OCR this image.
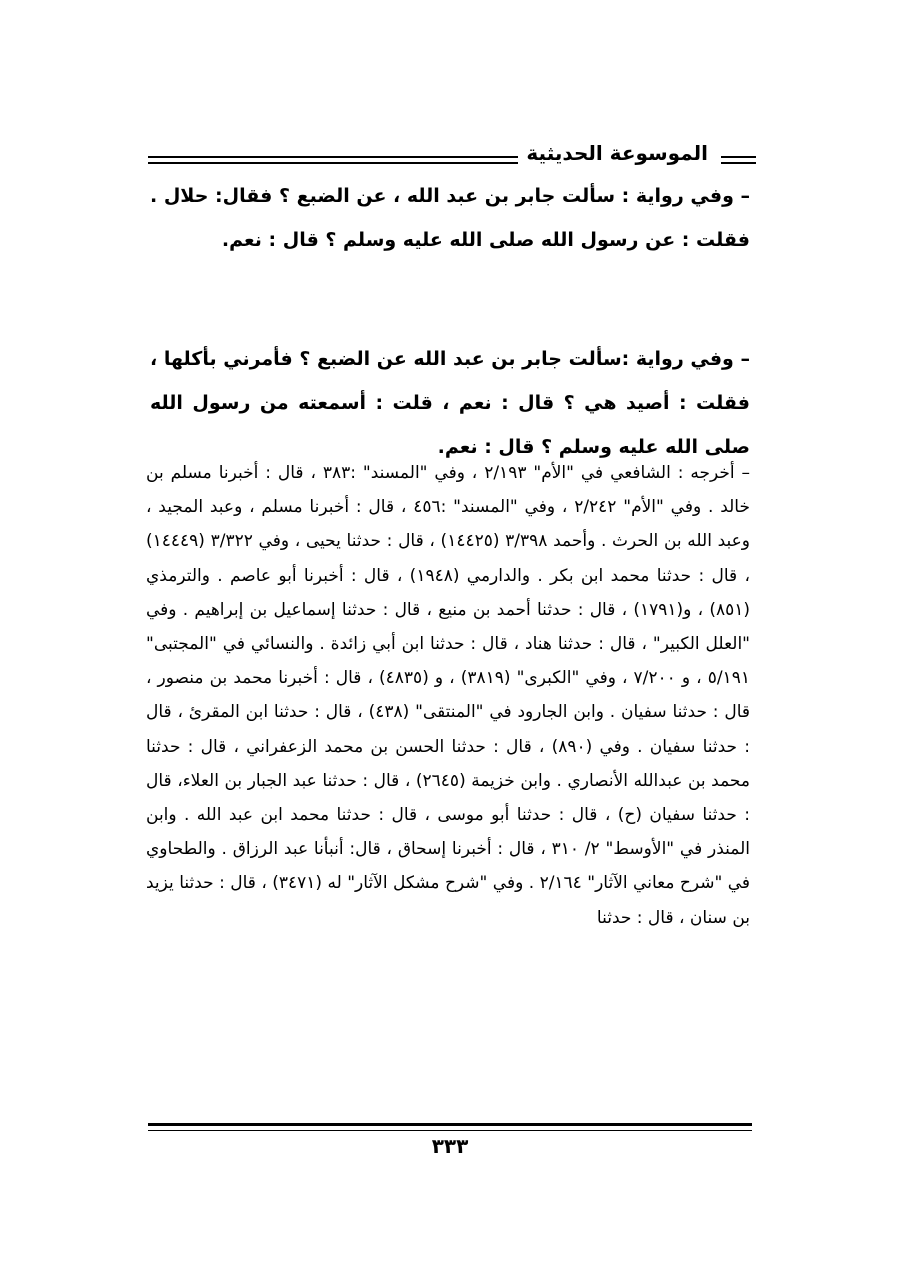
الموسوعة الحديثية

– وفي رواية : سألت جابر بن عبد الله ، عن الضبع ؟ فقال: حلال . فقلت : عن رسول الله صلى الله عليه وسلم ؟ قال : نعم.

– وفي رواية :سألت جابر بن عبد الله عن الضبع ؟ فأمرني بأكلها ، فقلت : أصيد هي ؟ قال : نعم ، قلت : أسمعته من رسول الله صلى الله عليه وسلم ؟ قال : نعم.

– أخرجه : الشافعي في "الأم" ٢/١٩٣ ، وفي "المسند" :٣٨٣ ، قال : أخبرنا مسلم بن خالد . وفي "الأم" ٢/٢٤٢ ، وفي "المسند" :٤٥٦ ، قال : أخبرنا مسلم ، وعبد المجيد ، وعبد الله بن الحرث . وأحمد ٣/٣٩٨ (١٤٤٢٥) ، قال : حدثنا يحيى ، وفي ٣/٣٢٢ (١٤٤٤٩) ، قال : حدثنا محمد ابن بكر . والدارمي (١٩٤٨) ، قال : أخبرنا أبو عاصم . والترمذي (٨٥١) ، و(١٧٩١) ، قال : حدثنا أحمد بن منيع ، قال : حدثنا إسماعيل بن إبراهيم . وفي "العلل الكبير" ، قال : حدثنا هناد ، قال : حدثنا ابن أبي زائدة . والنسائي في "المجتبى" ٥/١٩١ ، و ٧/٢٠٠ ، وفي "الكبرى" (٣٨١٩) ، و (٤٨٣٥) ، قال : أخبرنا محمد بن منصور ، قال : حدثنا سفيان . وابن الجارود في "المنتقى" (٤٣٨) ، قال : حدثنا ابن المقرئ ، قال : حدثنا سفيان . وفي (٨٩٠) ، قال : حدثنا الحسن بن محمد الزعفراني ، قال : حدثنا محمد بن عبدالله الأنصاري . وابن خزيمة (٢٦٤٥) ، قال : حدثنا عبد الجبار بن العلاء، قال : حدثنا سفيان (ح) ، قال : حدثنا أبو موسى ، قال : حدثنا محمد ابن عبد الله . وابن المنذر في "الأوسط" ٢/ ٣١٠ ، قال : أخبرنا إسحاق ، قال: أنبأنا عبد الرزاق . والطحاوي في "شرح معاني الآثار" ٢/١٦٤ . وفي "شرح مشكل الآثار" له (٣٤٧١) ، قال : حدثنا يزيد بن سنان ، قال : حدثنا

٣٣٣
